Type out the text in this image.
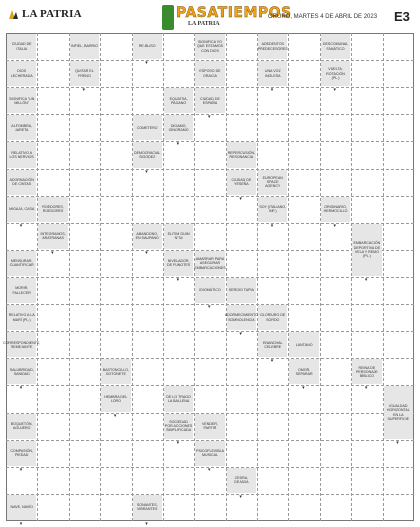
LA PATRIA	PASATIEMPOS
LA PATRIA
ORURO, MARTES 4 DE ABRIL DE 2023 E3
CIUDAD DE ITALIA
DIOS LECHERADA
INFIEL, BARRIO
QUITAR EL FRENO
▾
RE-BLISO
▾
SIGNIFICA YO QUE ESTAMOS CON DIOS
ESPOSO DE GRACIA
CIUDAD DE ESPAÑA
▾
ADEDENTOS PREDECESORES
UNA VOZ INGLESA
▾
DESCOMUNAL FANÁTICO
VUELTA, ROTACIÓN (PL.)
▾
SIGNIFICA "UN MILLÓN"
ALFOMBRA, JARETA
EQUATSA, PAGANO
DIGAMO, IGNORAMO
▾
COMETERO
DEMOCRACIAL SIGODEZ
▾
RELATIVO A LOS NERVIOS
ADORNACIÓN DE CINTAS
REPERCUSIÓN, RESONANCIA
CIUDAD DE YESEÑA
▾
EUROPEAN SPACE AGENCY
SOY (ITALIANO, INF.)
▾
MIGAJA, CASA
▾
ROEDORES, ROEDORES
INTEGRAMOS, ARATRANAS
▾
ORIGINARIO, HERMOCILLO
▾
EMBARCACIÓN DEPORTIVA DE VELA Y REMO (PL.)
▾
ABANDONO, EN SAUPANO
▾
ELITIM GUIM N°34
NIVELADOR, DE FUNOTES
▾
AMARRAR PARA ASEGURAR EMBARCACIONES
IDIOMÁTICO
▾
MENSURAR, CUANTIFICAR
MORIR, FALLECER
SERGIO TAPIA
ADORMECIMIENTO SOMNOLENCIA
▾
RELATIVO A LA MARÍ (PL.)
CORRESPONDIENTE, SEMEJANTE
GLORIURO DE SORDO
ENANCHAL CELEBRE
▾
LANTANO
OMOR, SEPARAR
▾
SALUBRIDAD, SANIDAD
▾
BASTONCILLO, GOTONETE
HEMBRA DEL LORO
▾
REINA DE PERSONAJE BÍBLICO
▾
DE LO TRAGO LA BALLENA
SOCIEDAD POR ACCIONES SIMPLIFICADA
▾
VENDER, PARTIR
PSICOFLEXIBLA MUSICAL
▾
IGUALDAD HORIZONTAL EN LA SUPERFICIE
▾
BOQUETÓN, AGUJERO
COMPASIÓN, PIEDAD
▾
CEDRA, DEJADA
▾
NAVE, NAVÍO
▾
SONANTES, VIBRANTES
▾
